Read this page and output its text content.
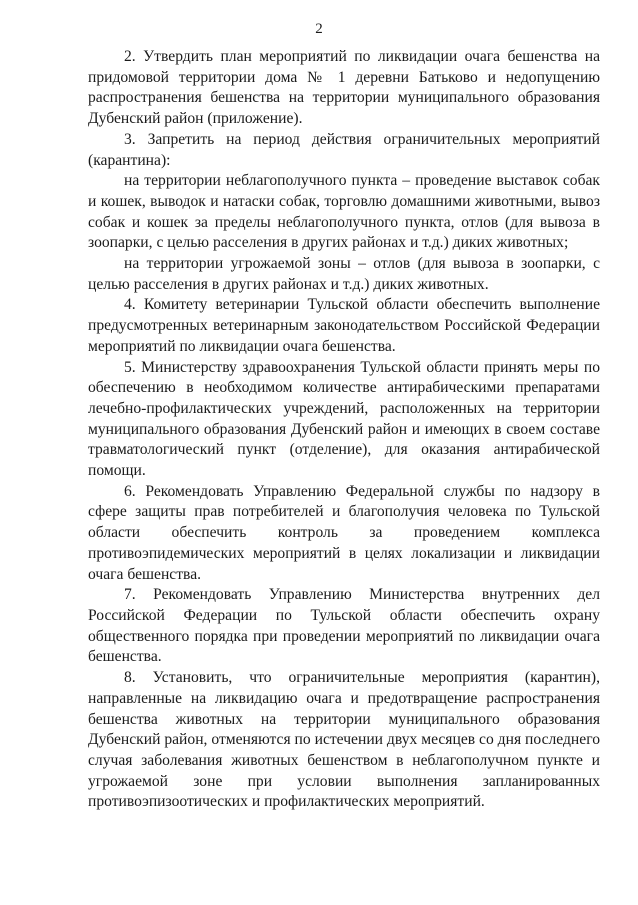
2

2. Утвердить план мероприятий по ликвидации очага бешенства на придомовой территории дома № 1 деревни Батьково и недопущению распространения бешенства на территории муниципального образования Дубенский район (приложение).

3. Запретить на период действия ограничительных мероприятий (карантина):

на территории неблагополучного пункта – проведение выставок собак и кошек, выводок и натаски собак, торговлю домашними животными, вывоз собак и кошек за пределы неблагополучного пункта, отлов (для вывоза в зоопарки, с целью расселения в других районах и т.д.) диких животных;

на территории угрожаемой зоны – отлов (для вывоза в зоопарки, с целью расселения в других районах и т.д.) диких животных.

4. Комитету ветеринарии Тульской области обеспечить выполнение предусмотренных ветеринарным законодательством Российской Федерации мероприятий по ликвидации очага бешенства.

5. Министерству здравоохранения Тульской области принять меры по обеспечению в необходимом количестве антирабическими препаратами лечебно-профилактических учреждений, расположенных на территории муниципального образования Дубенский район и имеющих в своем составе травматологический пункт (отделение), для оказания антирабической помощи.

6. Рекомендовать Управлению Федеральной службы по надзору в сфере защиты прав потребителей и благополучия человека по Тульской области обеспечить контроль за проведением комплекса противоэпидемических мероприятий в целях локализации и ликвидации очага бешенства.

7. Рекомендовать Управлению Министерства внутренних дел Российской Федерации по Тульской области обеспечить охрану общественного порядка при проведении мероприятий по ликвидации очага бешенства.

8. Установить, что ограничительные мероприятия (карантин), направленные на ликвидацию очага и предотвращение распространения бешенства животных на территории муниципального образования Дубенский район, отменяются по истечении двух месяцев со дня последнего случая заболевания животных бешенством в неблагополучном пункте и угрожаемой зоне при условии выполнения запланированных противоэпизоотических и профилактических мероприятий.
